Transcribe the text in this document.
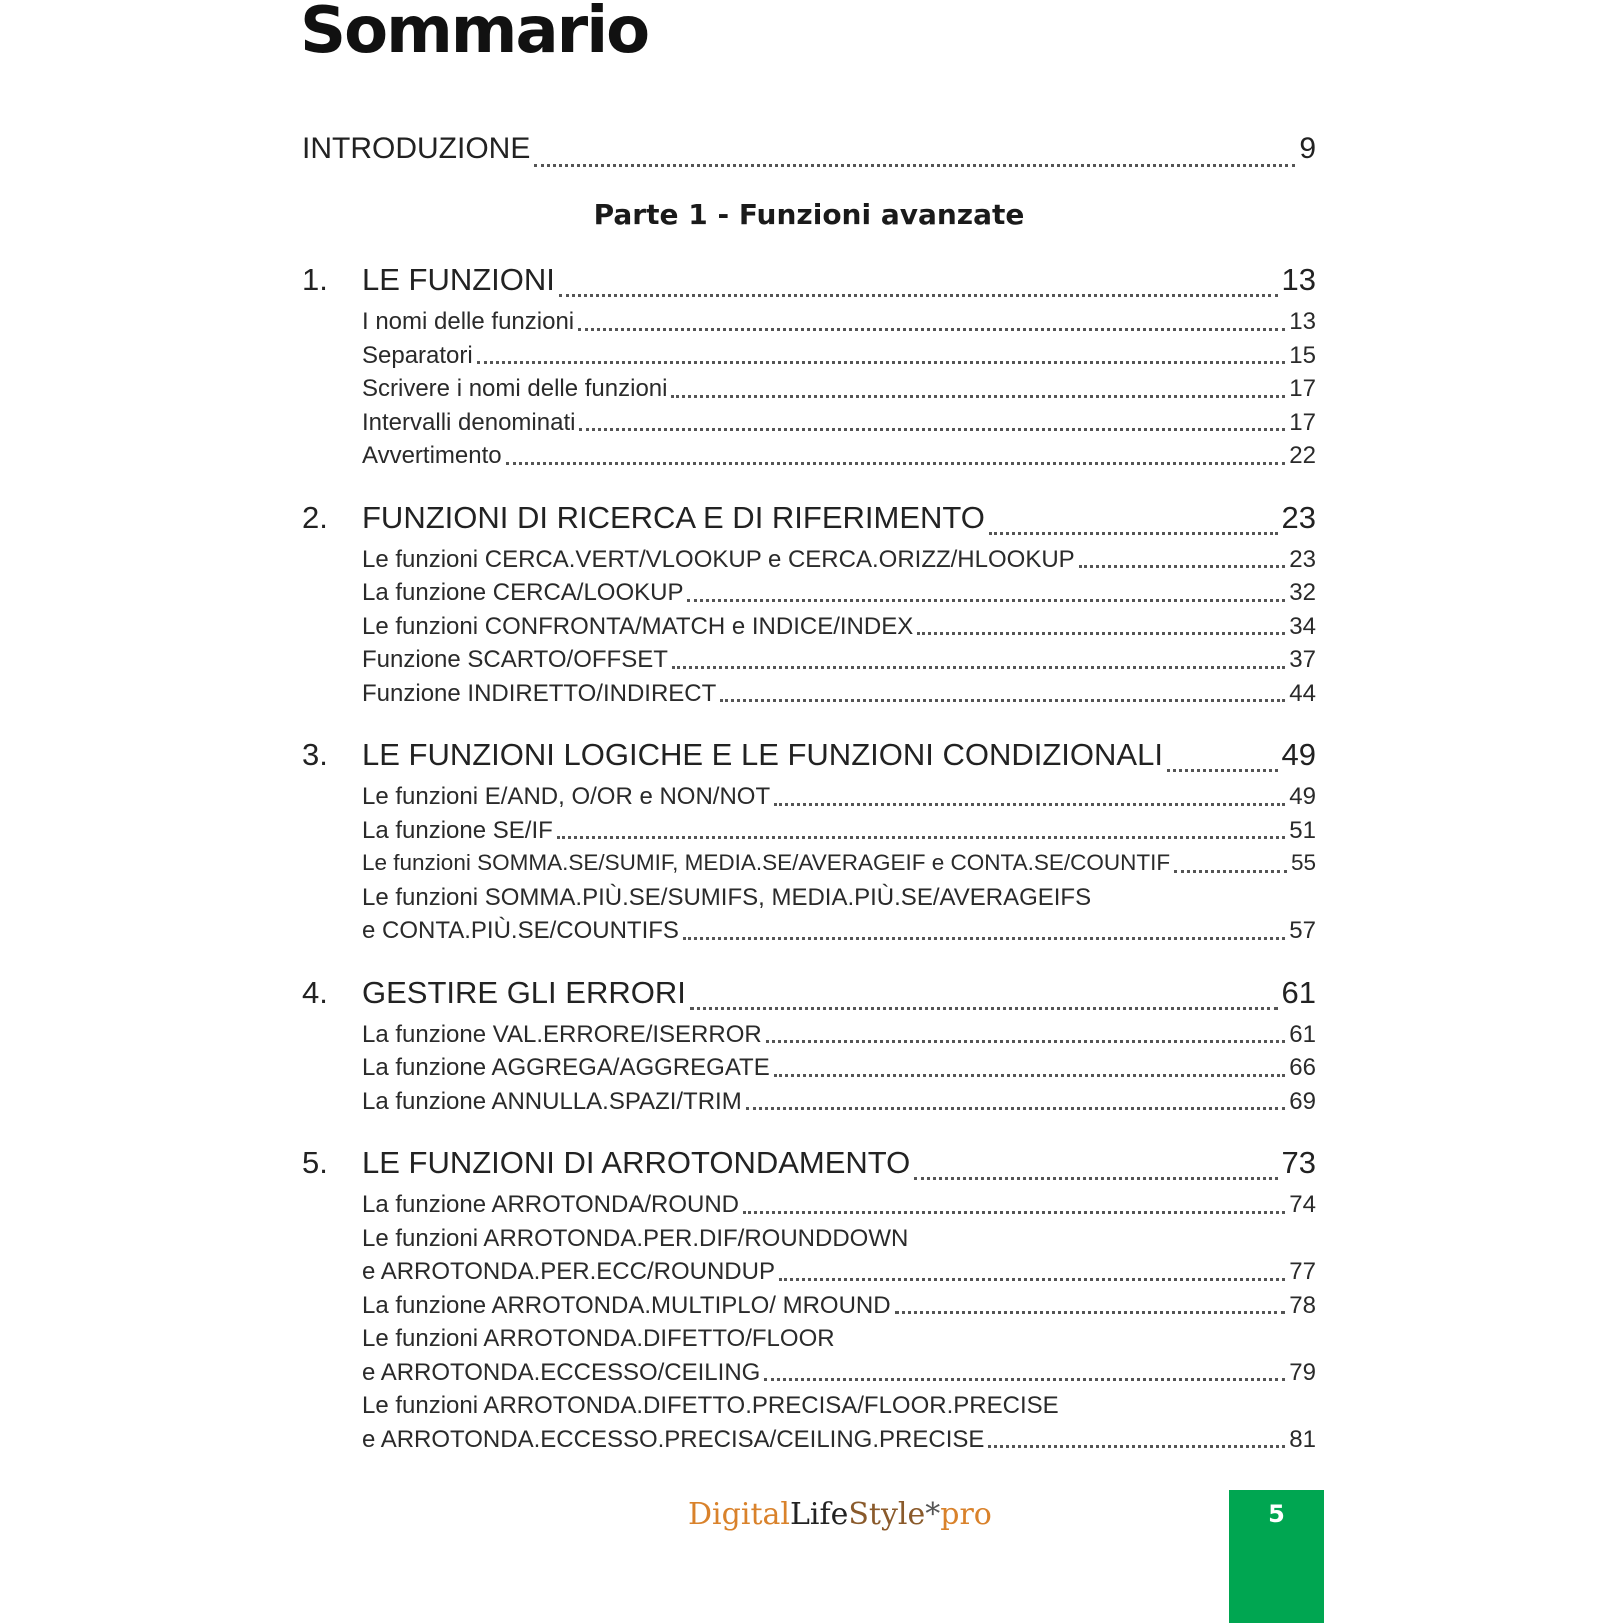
Sommario
INTRODUZIONE	9
Parte 1 - Funzioni avanzate
1.	LE FUNZIONI	13
I nomi delle funzioni	13
Separatori	15
Scrivere i nomi delle funzioni	17
Intervalli denominati	17
Avvertimento	22
2.	FUNZIONI DI RICERCA E DI RIFERIMENTO	23
Le funzioni CERCA.VERT/VLOOKUP e CERCA.ORIZZ/HLOOKUP	23
La funzione CERCA/LOOKUP	32
Le funzioni CONFRONTA/MATCH e INDICE/INDEX	34
Funzione SCARTO/OFFSET	37
Funzione INDIRETTO/INDIRECT	44
3.	LE FUNZIONI LOGICHE E LE FUNZIONI CONDIZIONALI	49
Le funzioni E/AND, O/OR e NON/NOT	49
La funzione SE/IF	51
Le funzioni SOMMA.SE/SUMIF, MEDIA.SE/AVERAGEIF e CONTA.SE/COUNTIF	55
Le funzioni SOMMA.PIÙ.SE/SUMIFS, MEDIA.PIÙ.SE/AVERAGEIFS
e CONTA.PIÙ.SE/COUNTIFS	57
4.	GESTIRE GLI ERRORI	61
La funzione VAL.ERRORE/ISERROR	61
La funzione AGGREGA/AGGREGATE	66
La funzione ANNULLA.SPAZI/TRIM	69
5.	LE FUNZIONI DI ARROTONDAMENTO	73
La funzione ARROTONDA/ROUND	74
Le funzioni ARROTONDA.PER.DIF/ROUNDDOWN
e ARROTONDA.PER.ECC/ROUNDUP	77
La funzione ARROTONDA.MULTIPLO/ MROUND	78
Le funzioni ARROTONDA.DIFETTO/FLOOR
e ARROTONDA.ECCESSO/CEILING	79
Le funzioni ARROTONDA.DIFETTO.PRECISA/FLOOR.PRECISE
e ARROTONDA.ECCESSO.PRECISA/CEILING.PRECISE	81

DigitalLifeStyle*pro	5
